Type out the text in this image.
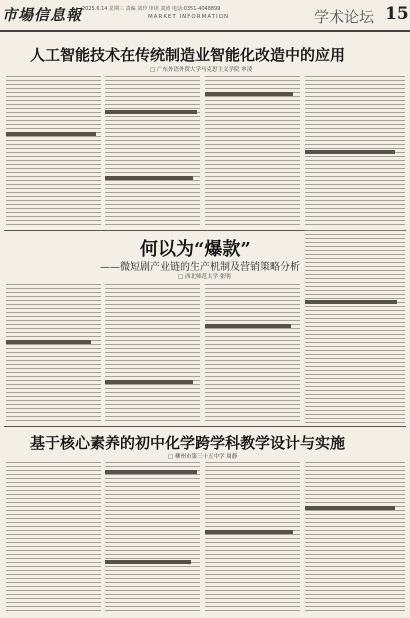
市場信息報 2025.6.14 星期三 责编 刘玲 审读 刘涛 电话:0351-4048899
MARKET INFORMATION	学术论坛 15
人工智能技术在传统制造业智能化改造中的应用
□ 广东外语外贸大学马克思主义学院 申凌
何以为“爆款”
——微短剧产业链的生产机制及营销策略分析
□ 西北师范大学 张明
基于核心素养的初中化学跨学科教学设计与实施
□ 柳州市第三十五中学 周静
